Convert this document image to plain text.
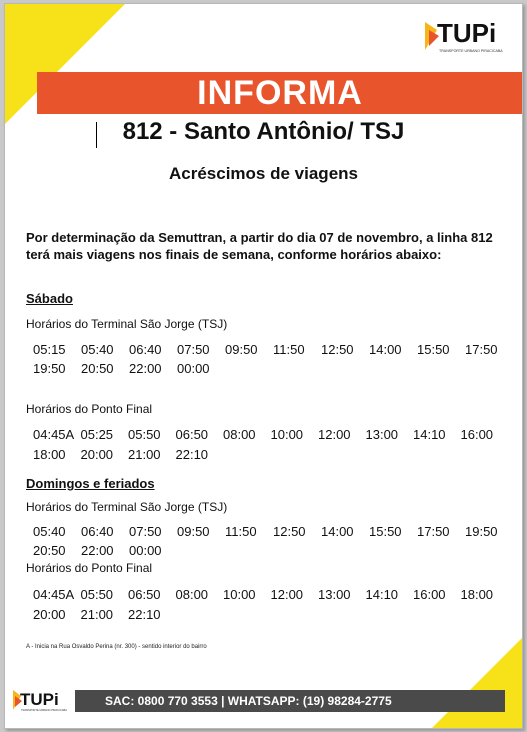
TUPi
TRANSPORTE URBANO PIRACICABA
INFORMA
812 - Santo Antônio/ TSJ
Acréscimos de viagens
Por determinação da Semuttran, a partir do dia 07 de novembro, a linha 812 terá mais viagens nos finais de semana, conforme horários abaixo:
Sábado
Horários do Terminal São Jorge (TSJ)
05:15	05:40	06:40	07:50	09:50	11:50	12:50	14:00	15:50	17:50
19:50	20:50	22:00	00:00
Horários do Ponto Final
04:45A 05:25	05:50	06:50	08:00	10:00	12:00	13:00	14:10	16:00
18:00	20:00	21:00	22:10
Domingos e feriados
Horários do Terminal São Jorge (TSJ)
05:40	06:40	07:50	09:50	11:50	12:50	14:00	15:50	17:50	19:50
20:50	22:00	00:00
Horários do Ponto Final
04:45A 05:50	06:50	08:00	10:00	12:00	13:00	14:10	16:00	18:00
20:00	21:00	22:10
A - Inicia na Rua Osvaldo Perina (nr. 300) - sentido interior do bairro
TUPi
TRANSPORTE URBANO PIRACICABA
SAC: 0800 770 3553 | WHATSAPP: (19) 98284-2775
